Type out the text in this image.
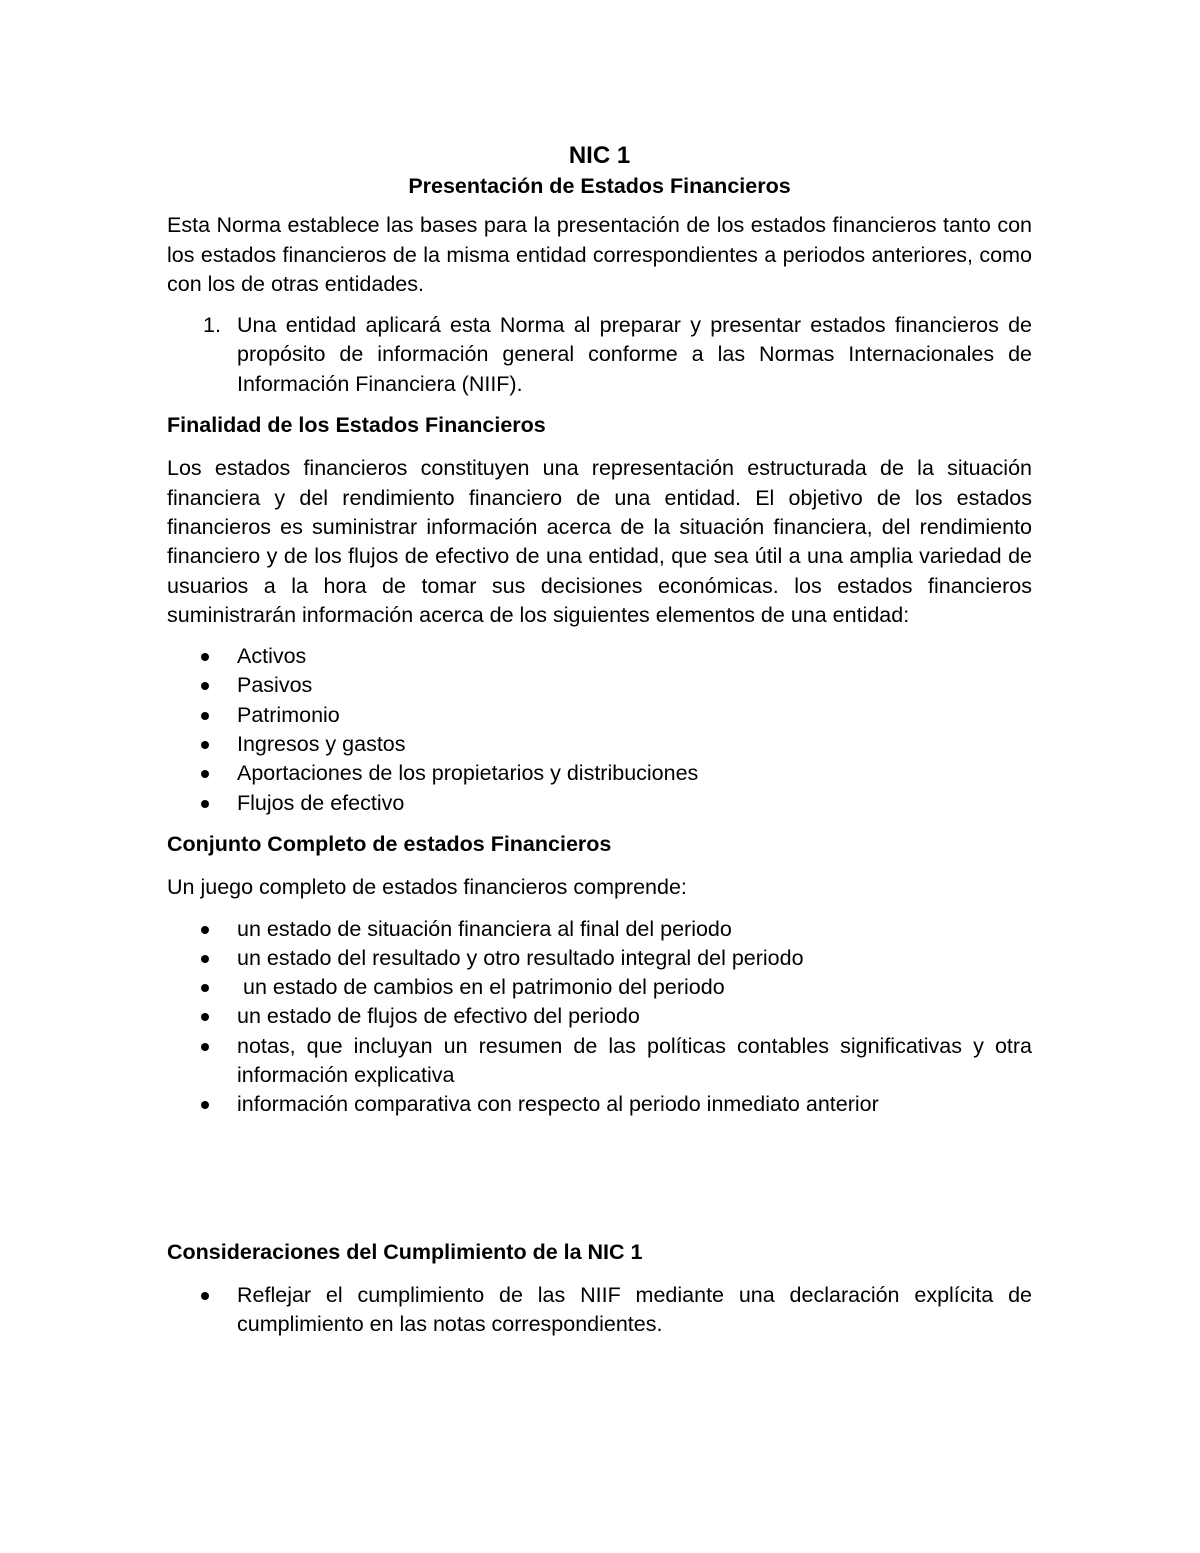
NIC 1
Presentación de Estados Financieros

Esta Norma establece las bases para la presentación de los estados financieros tanto con los estados financieros de la misma entidad correspondientes a periodos anteriores, como con los de otras entidades.

1. Una entidad aplicará esta Norma al preparar y presentar estados financieros de propósito de información general conforme a las Normas Internacionales de Información Financiera (NIIF).
Finalidad de los Estados Financieros

Los estados financieros constituyen una representación estructurada de la situación financiera y del rendimiento financiero de una entidad. El objetivo de los estados financieros es suministrar información acerca de la situación financiera, del rendimiento financiero y de los flujos de efectivo de una entidad, que sea útil a una amplia variedad de usuarios a la hora de tomar sus decisiones económicas. los estados financieros suministrarán información acerca de los siguientes elementos de una entidad:

Activos
Pasivos
Patrimonio
Ingresos y gastos
Aportaciones de los propietarios y distribuciones
Flujos de efectivo
Conjunto Completo de estados Financieros

Un juego completo de estados financieros comprende:

un estado de situación financiera al final del periodo
un estado del resultado y otro resultado integral del periodo
un estado de cambios en el patrimonio del periodo
un estado de flujos de efectivo del periodo
notas, que incluyan un resumen de las políticas contables significativas y otra información explicativa
información comparativa con respecto al periodo inmediato anterior
Consideraciones del Cumplimiento de la NIC 1
Reflejar el cumplimiento de las NIIF mediante una declaración explícita de cumplimiento en las notas correspondientes.
